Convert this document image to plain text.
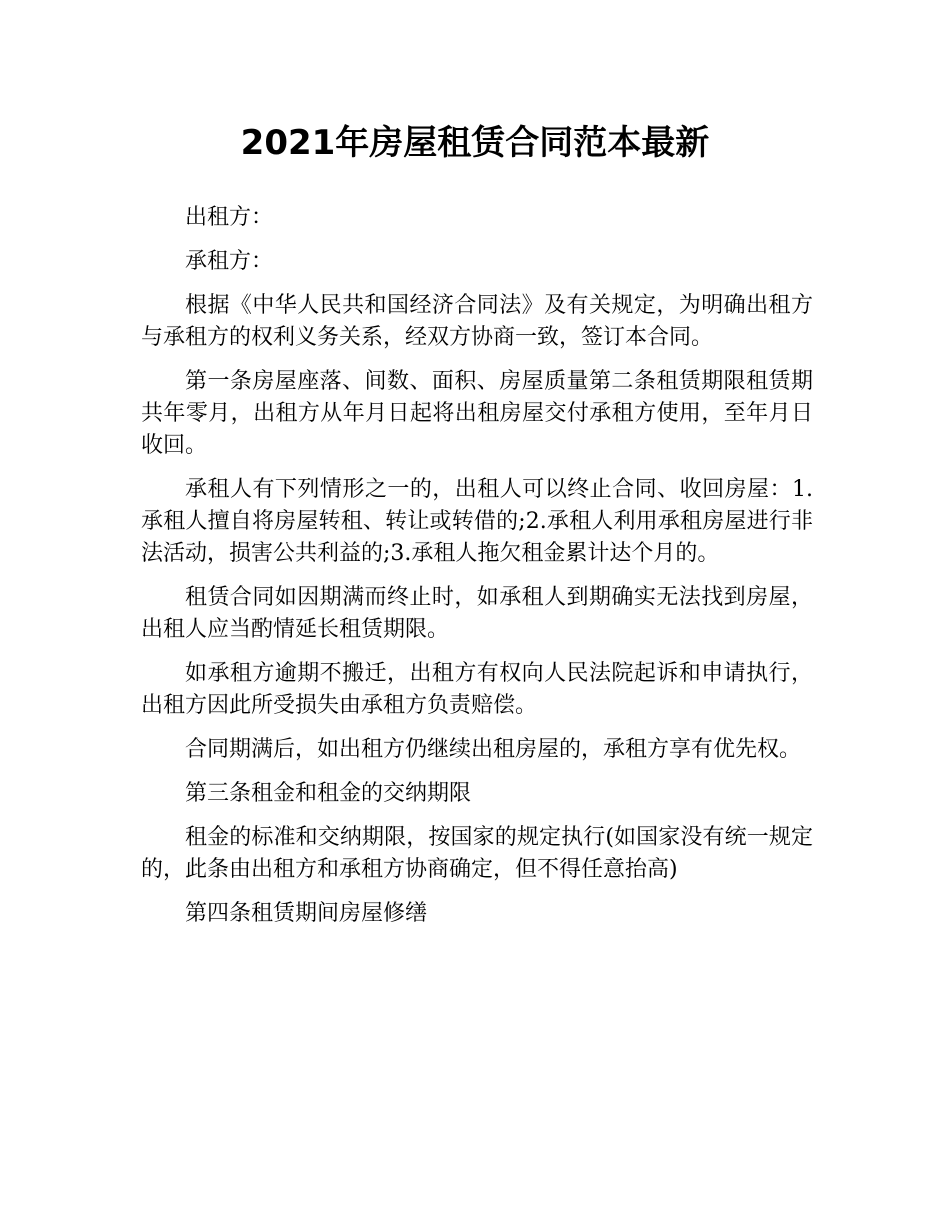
2021年房屋租赁合同范本最新

出租方：

承租方：

根据《中华人民共和国经济合同法》及有关规定，为明确出租方与承租方的权利义务关系，经双方协商一致，签订本合同。

第一条房屋座落、间数、面积、房屋质量第二条租赁期限租赁期共年零月，出租方从年月日起将出租房屋交付承租方使用，至年月日收回。

承租人有下列情形之一的，出租人可以终止合同、收回房屋：1.承租人擅自将房屋转租、转让或转借的;2.承租人利用承租房屋进行非法活动，损害公共利益的;3.承租人拖欠租金累计达个月的。

租赁合同如因期满而终止时，如承租人到期确实无法找到房屋，出租人应当酌情延长租赁期限。

如承租方逾期不搬迁，出租方有权向人民法院起诉和申请执行，出租方因此所受损失由承租方负责赔偿。

合同期满后，如出租方仍继续出租房屋的，承租方享有优先权。

第三条租金和租金的交纳期限

租金的标准和交纳期限，按国家的规定执行(如国家没有统一规定的，此条由出租方和承租方协商确定，但不得任意抬高)

第四条租赁期间房屋修缮
